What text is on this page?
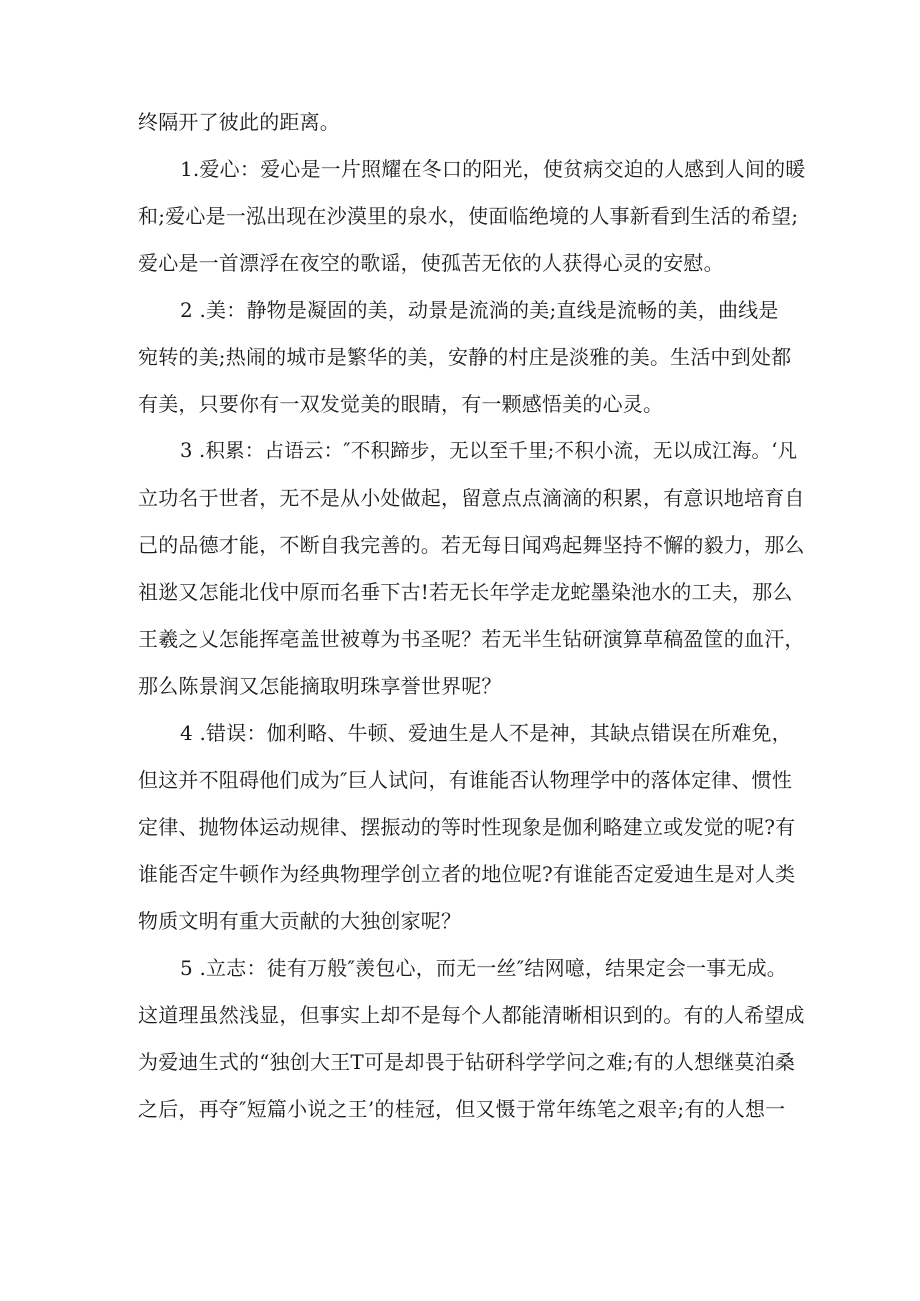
终隔开了彼此的距离。
1.爱心：爱心是一片照耀在冬口的阳光，使贫病交迫的人感到人间的暖
和;爱心是一泓出现在沙漠里的泉水，使面临绝境的人事新看到生活的希望;
爱心是一首漂浮在夜空的歌谣，使孤苦无依的人获得心灵的安慰。
2 .美：静物是凝固的美，动景是流淌的美;直线是流畅的美，曲线是
宛转的美;热闹的城市是繁华的美，安静的村庄是淡雅的美。生活中到处都
有美，只要你有一双发觉美的眼睛，有一颗感悟美的心灵。
3 .积累：占语云：″不积蹄步，无以至千里;不积小流，无以成江海。‘凡
立功名于世者，无不是从小处做起，留意点点滴滴的积累，有意识地培育自
己的品德才能，不断自我完善的。若无每日闻鸡起舞坚持不懈的毅力，那么
祖逖又怎能北伐中原而名垂下古!若无长年学走龙蛇墨染池水的工夫，那么
王羲之乂怎能挥亳盖世被尊为书圣呢？若无半生钻研演算草稿盈筐的血汗，
那么陈景润又怎能摘取明珠享誉世界呢？
4 .错误：伽利略、牛顿、爱迪生是人不是神，其缺点错误在所难免，
但这并不阻碍他们成为″巨人试问，有谁能否认物理学中的落体定律、惯性
定律、抛物体运动规律、摆振动的等时性现象是伽利略建立或发觉的呢?有
谁能否定牛顿作为经典物理学创立者的地位呢?有谁能否定爱迪生是对人类
物质文明有重大贡献的大独创家呢？
5 .立志：徒有万般″羡包心，而无一丝″结网噫，结果定会一事无成。
这道理虽然浅显，但事实上却不是每个人都能清晰相识到的。有的人希望成
为爱迪生式的“独创大王T可是却畏于钻研科学学问之难;有的人想继莫泊桑
之后，再夺″短篇小说之王’的桂冠，但又慑于常年练笔之艰辛;有的人想一
